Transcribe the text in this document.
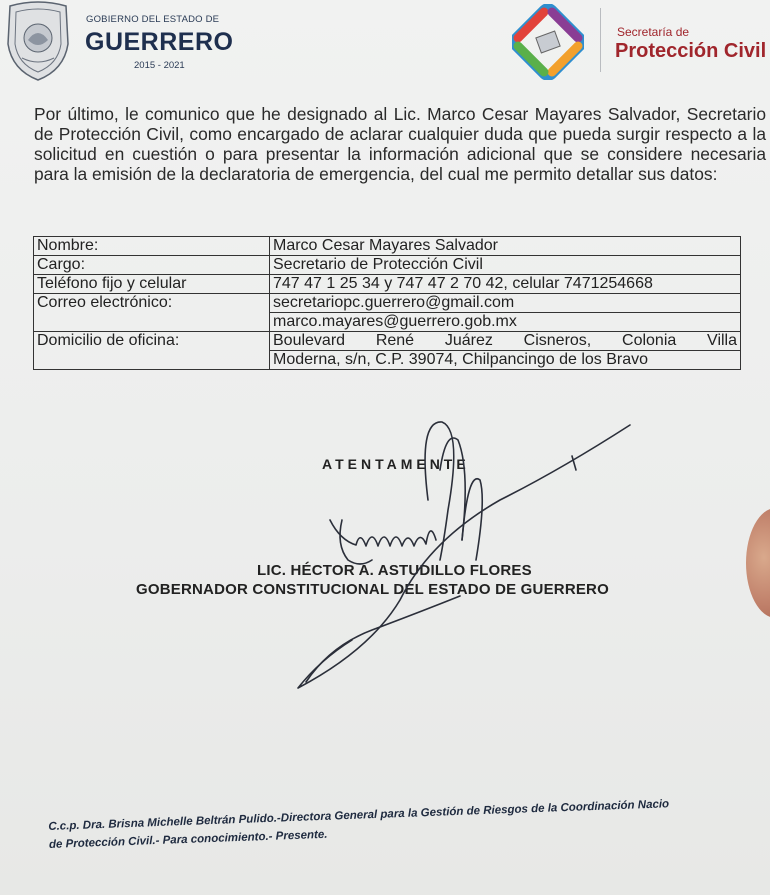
GOBIERNO DEL ESTADO DE
GUERRERO
2015 - 2021
Secretaría de
Protección Civil
Por último, le comunico que he designado al Lic. Marco Cesar Mayares Salvador, Secretario de Protección Civil, como encargado de aclarar cualquier duda que pueda surgir respecto a la solicitud en cuestión o para presentar la información adicional que se considere necesaria para la emisión de la declaratoria de emergencia, del cual me permito detallar sus datos:
Nombre:	Marco Cesar Mayares Salvador
Cargo:	Secretario de Protección Civil
Teléfono fijo y celular	747 47 1 25 34 y 747 47 2 70 42, celular 7471254668
Correo electrónico:	secretariopc.guerrero@gmail.com
marco.mayares@guerrero.gob.mx

Domicilio de oficina:	Boulevard René Juárez Cisneros, Colonia Villa
Moderna, s/n, C.P. 39074, Chilpancingo de los Bravo
ATENTAMENTE
LIC. HÉCTOR A. ASTUDILLO FLORES
GOBERNADOR CONSTITUCIONAL DEL ESTADO DE GUERRERO
C.c.p. Dra. Brisna Michelle Beltrán Pulido.-Directora General para la Gestión de Riesgos de la Coordinación Nacio
de Protección Civil.- Para conocimiento.- Presente.
